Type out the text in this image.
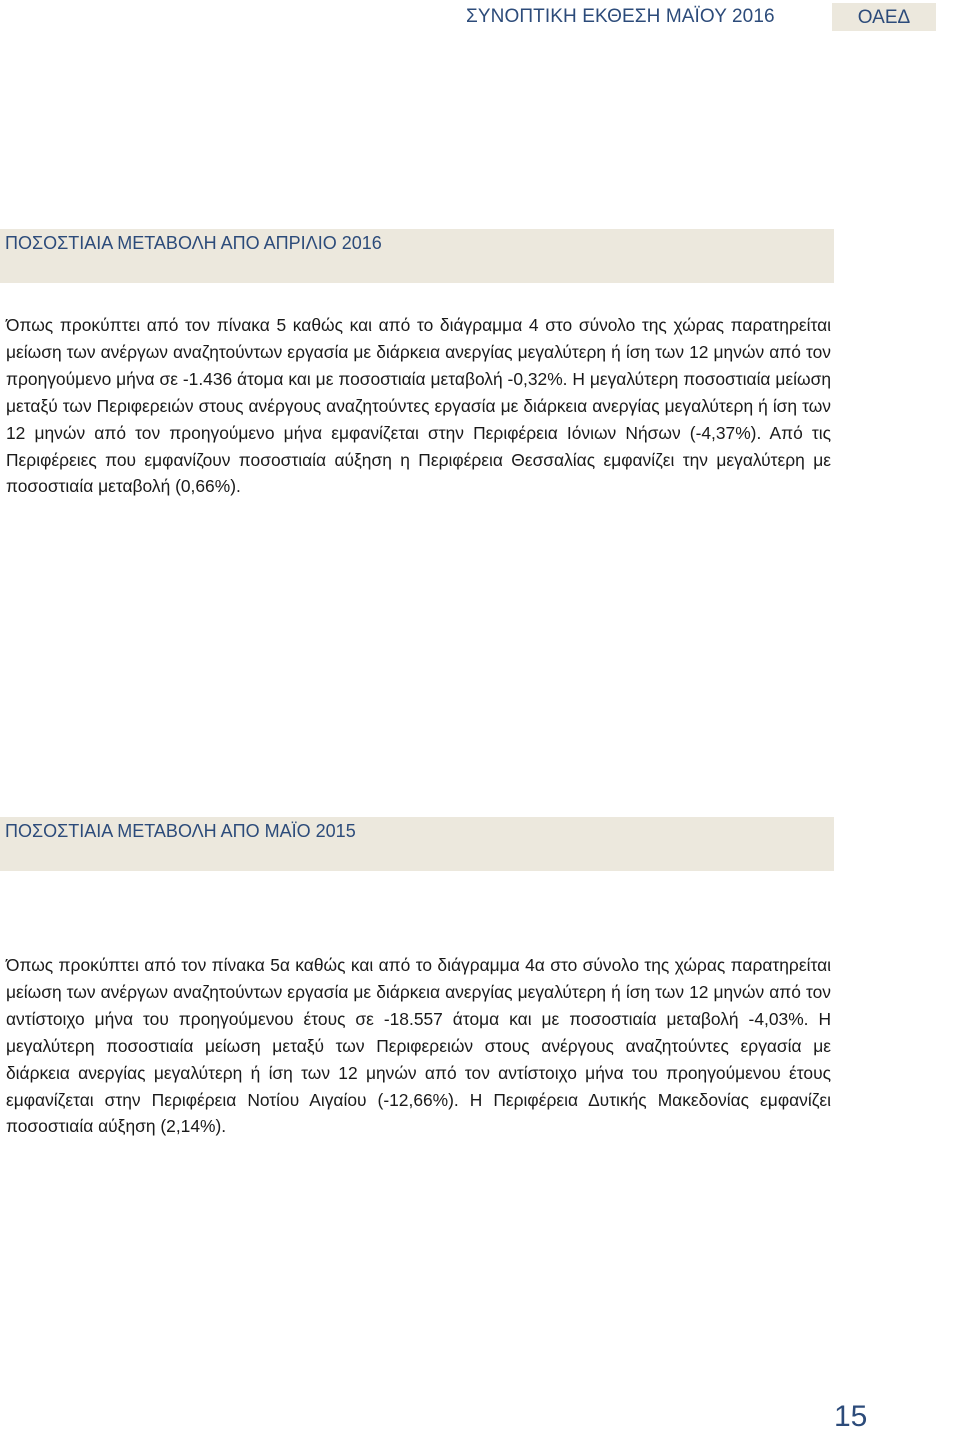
ΣΥΝΟΠΤΙΚΗ ΕΚΘΕΣΗ ΜΑΪΟΥ 2016	ΟΑΕΔ
ΠΟΣΟΣΤΙΑΙΑ ΜΕΤΑΒΟΛΗ ΑΠΟ ΑΠΡΙΛΙΟ 2016

Όπως προκύπτει από τον πίνακα 5 καθώς και από το διάγραμμα 4 στο σύνολο της χώρας παρατηρείται μείωση των ανέργων αναζητούντων εργασία με διάρκεια ανεργίας μεγαλύτερη ή ίση των 12 μηνών από τον προηγούμενο μήνα σε -1.436 άτομα και με ποσοστιαία μεταβολή -0,32%. Η μεγαλύτερη ποσοστιαία μείωση μεταξύ των Περιφερειών στους ανέργους αναζητούντες εργασία με διάρκεια ανεργίας μεγαλύτερη ή ίση των 12 μηνών από τον προηγούμενο μήνα εμφανίζεται στην Περιφέρεια Ιόνιων Νήσων (-4,37%). Από τις Περιφέρειες που εμφανίζουν ποσοστιαία αύξηση η Περιφέρεια Θεσσαλίας εμφανίζει την μεγαλύτερη με ποσοστιαία μεταβολή (0,66%).

ΠΟΣΟΣΤΙΑΙΑ ΜΕΤΑΒΟΛΗ ΑΠΟ ΜΑΪΟ 2015

Όπως προκύπτει από τον πίνακα 5α καθώς και από το διάγραμμα 4α στο σύνολο της χώρας παρατηρείται μείωση των ανέργων αναζητούντων εργασία με διάρκεια ανεργίας μεγαλύτερη ή ίση των 12 μηνών από τον αντίστοιχο μήνα του προηγούμενου έτους σε -18.557 άτομα και με ποσοστιαία μεταβολή -4,03%. Η μεγαλύτερη ποσοστιαία μείωση μεταξύ των Περιφερειών στους ανέργους αναζητούντες εργασία με διάρκεια ανεργίας μεγαλύτερη ή ίση των 12 μηνών από τον αντίστοιχο μήνα του προηγούμενου έτους εμφανίζεται στην Περιφέρεια Νοτίου Αιγαίου (-12,66%). Η Περιφέρεια Δυτικής Μακεδονίας εμφανίζει ποσοστιαία αύξηση (2,14%).

15
